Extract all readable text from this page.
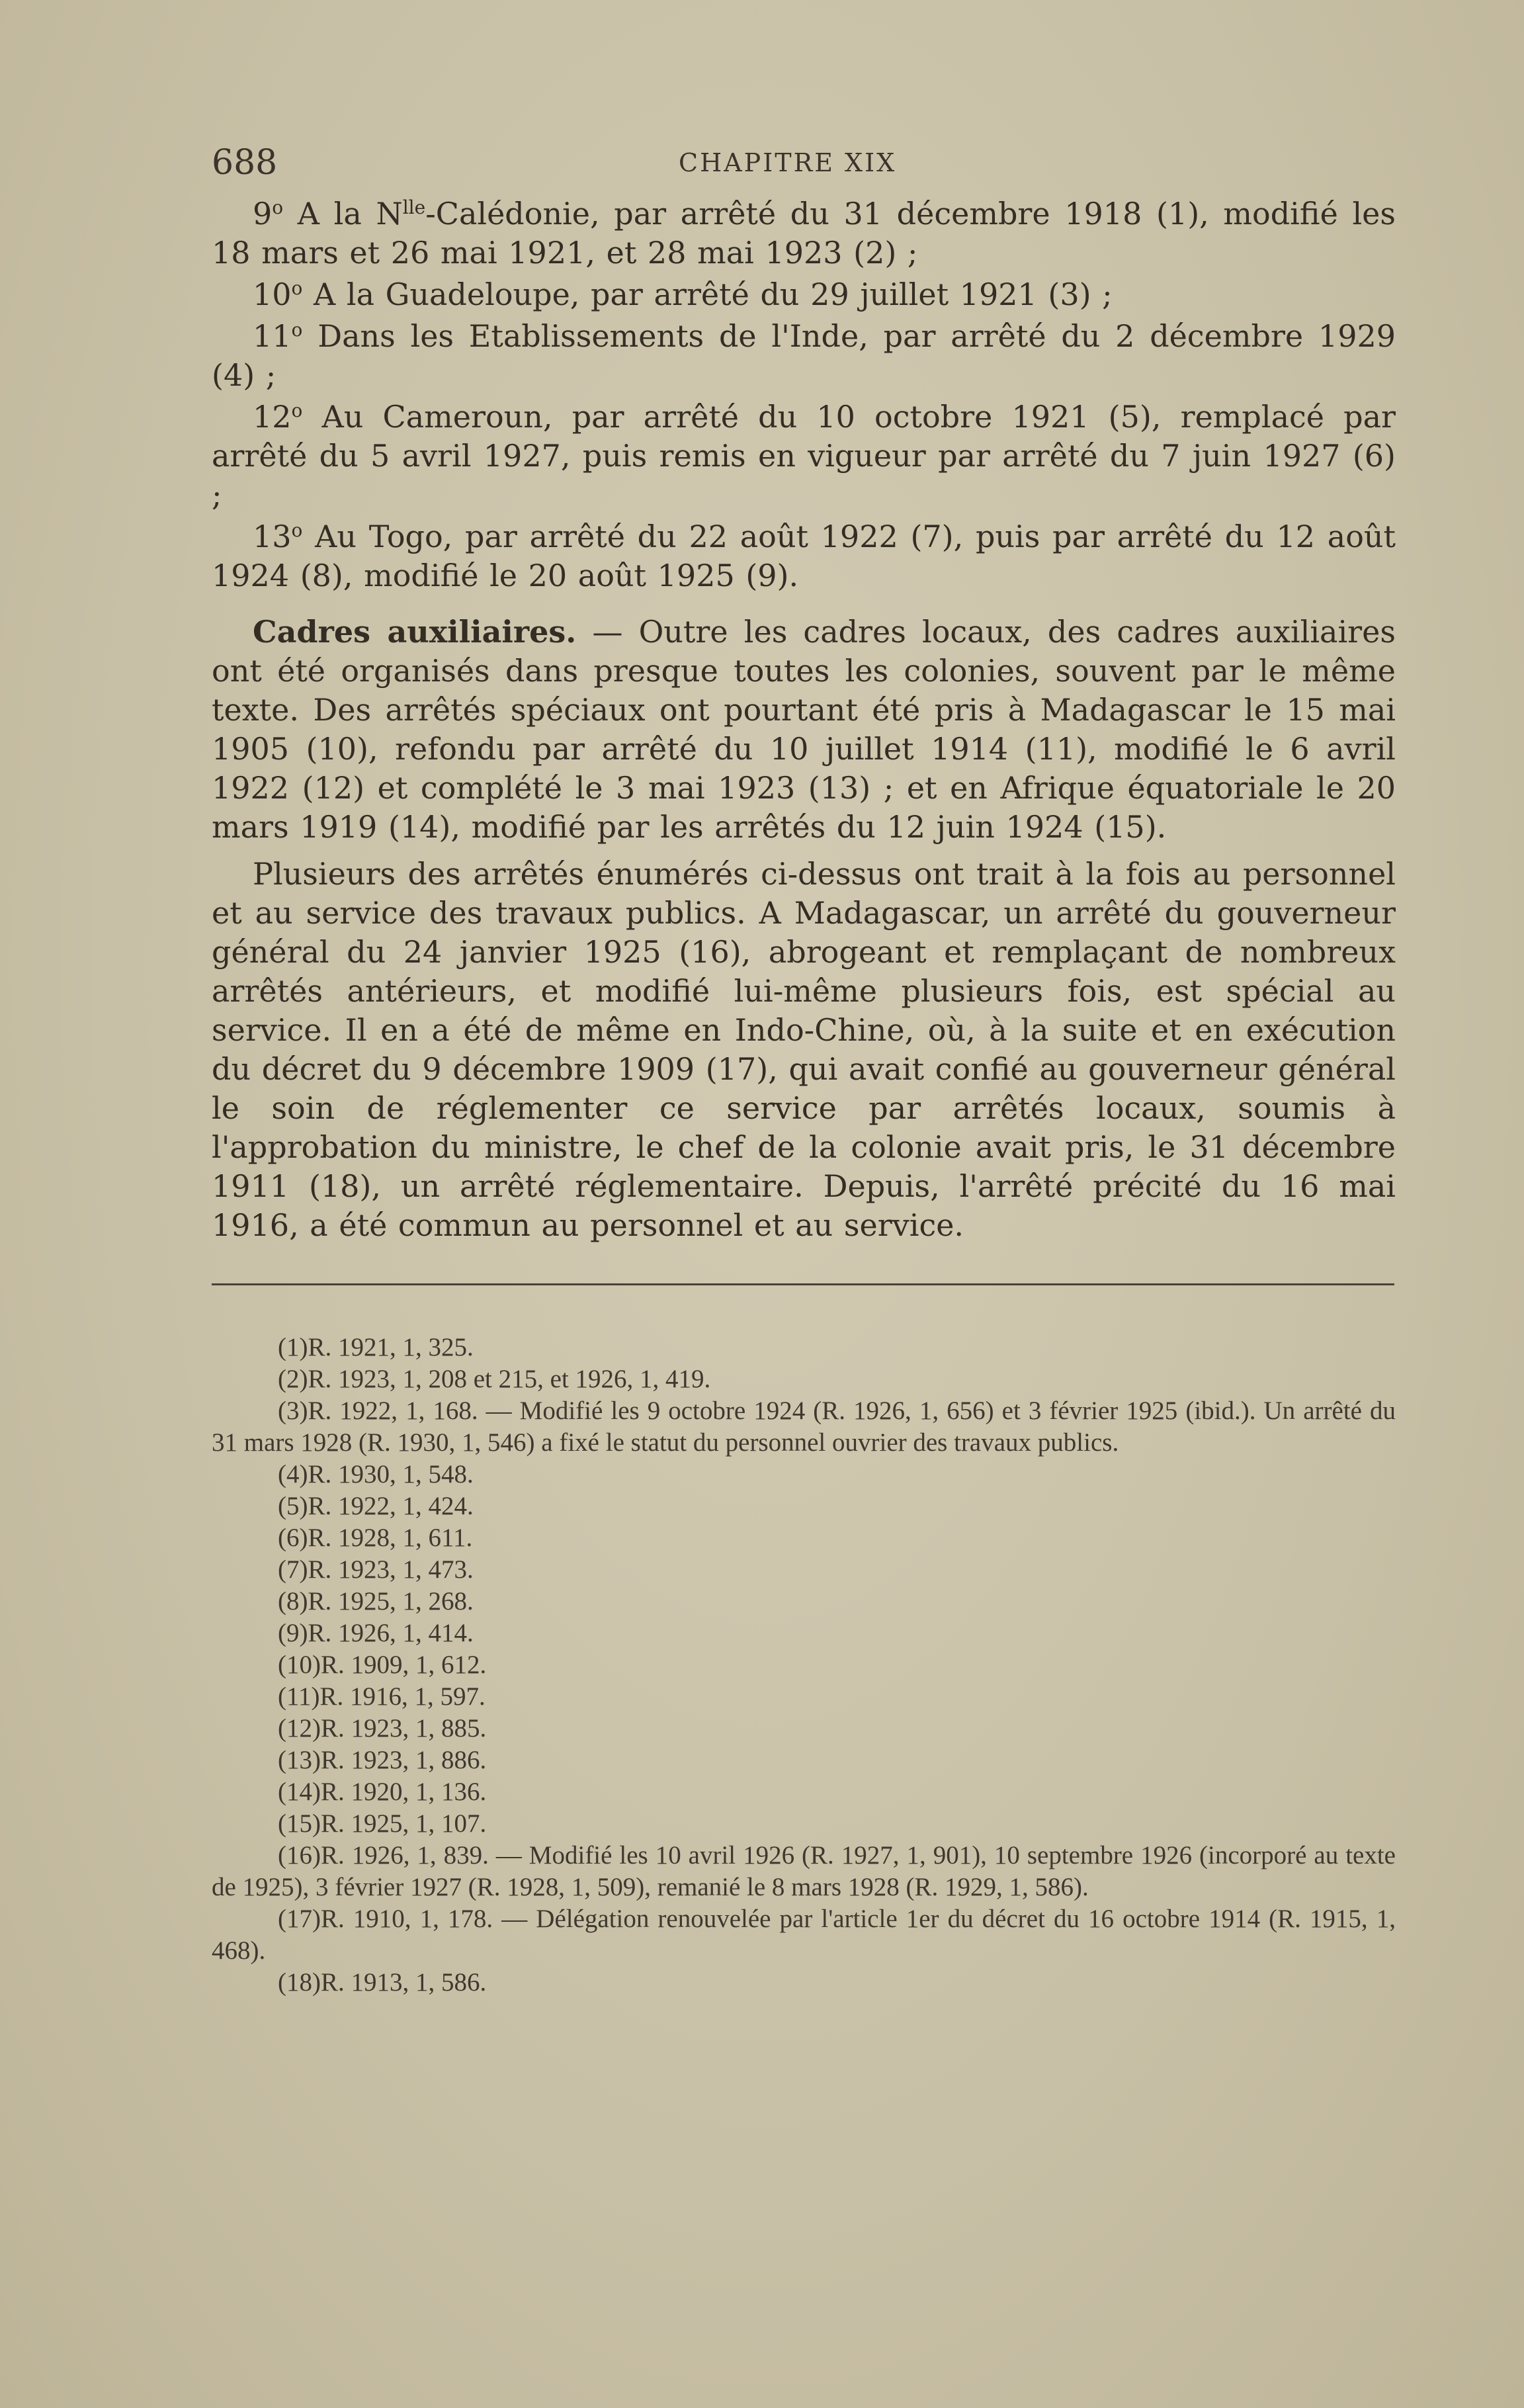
688	CHAPITRE XIX

9$^o$ A la $N^{lle}$-Calédonie, par arrêté du 31 décembre 1918 (1), modifié les 18 mars et 26 mai 1921, et 28 mai 1923 (2) ;

10$^o$ A la Guadeloupe, par arrêté du 29 juillet 1921 (3) ;

11$^o$ Dans les Etablissements de l'Inde, par arrêté du 2 décembre 1929 (4) ;

12$^o$ Au Cameroun, par arrêté du 10 octobre 1921 (5), remplacé par arrêté du 5 avril 1927, puis remis en vigueur par arrêté du 7 juin 1927 (6) ;

13$^o$ Au Togo, par arrêté du 22 août 1922 (7), puis par arrêté du 12 août 1924 (8), modifié le 20 août 1925 (9).

Cadres auxiliaires. — Outre les cadres locaux, des cadres auxiliaires ont été organisés dans presque toutes les colonies, souvent par le même texte. Des arrêtés spéciaux ont pourtant été pris à Madagascar le 15 mai 1905 (10), refondu par arrêté du 10 juillet 1914 (11), modifié le 6 avril 1922 (12) et complété le 3 mai 1923 (13) ; et en Afrique équatoriale le 20 mars 1919 (14), modifié par les arrêtés du 12 juin 1924 (15).

Plusieurs des arrêtés énumérés ci-dessus ont trait à la fois au personnel et au service des travaux publics. A Madagascar, un arrêté du gouverneur général du 24 janvier 1925 (16), abrogeant et remplaçant de nombreux arrêtés antérieurs, et modifié lui-même plusieurs fois, est spécial au service. Il en a été de même en Indo-Chine, où, à la suite et en exécution du décret du 9 décembre 1909 (17), qui avait confié au gouverneur général le soin de réglementer ce service par arrêtés locaux, soumis à l'approbation du ministre, le chef de la colonie avait pris, le 31 décembre 1911 (18), un arrêté réglementaire. Depuis, l'arrêté précité du 16 mai 1916, a été commun au personnel et au service.

(1)R. 1921, 1, 325.

(2)R. 1923, 1, 208 et 215, et 1926, 1, 419.

(3)R. 1922, 1, 168. — Modifié les 9 octobre 1924 (R. 1926, 1, 656) et 3 février 1925 (ibid.). Un arrêté du 31 mars 1928 (R. 1930, 1, 546) a fixé le statut du personnel ouvrier des travaux publics.

(4)R. 1930, 1, 548.

(5)R. 1922, 1, 424.

(6)R. 1928, 1, 611.

(7)R. 1923, 1, 473.

(8)R. 1925, 1, 268.

(9)R. 1926, 1, 414.

(10)R. 1909, 1, 612.

(11)R. 1916, 1, 597.

(12)R. 1923, 1, 885.

(13)R. 1923, 1, 886.

(14)R. 1920, 1, 136.

(15)R. 1925, 1, 107.

(16)R. 1926, 1, 839. — Modifié les 10 avril 1926 (R. 1927, 1, 901), 10 septembre 1926 (incorporé au texte de 1925), 3 février 1927 (R. 1928, 1, 509), remanié le 8 mars 1928 (R. 1929, 1, 586).

(17)R. 1910, 1, 178. — Délégation renouvelée par l'article 1er du décret du 16 octobre 1914 (R. 1915, 1, 468).

(18)R. 1913, 1, 586.
